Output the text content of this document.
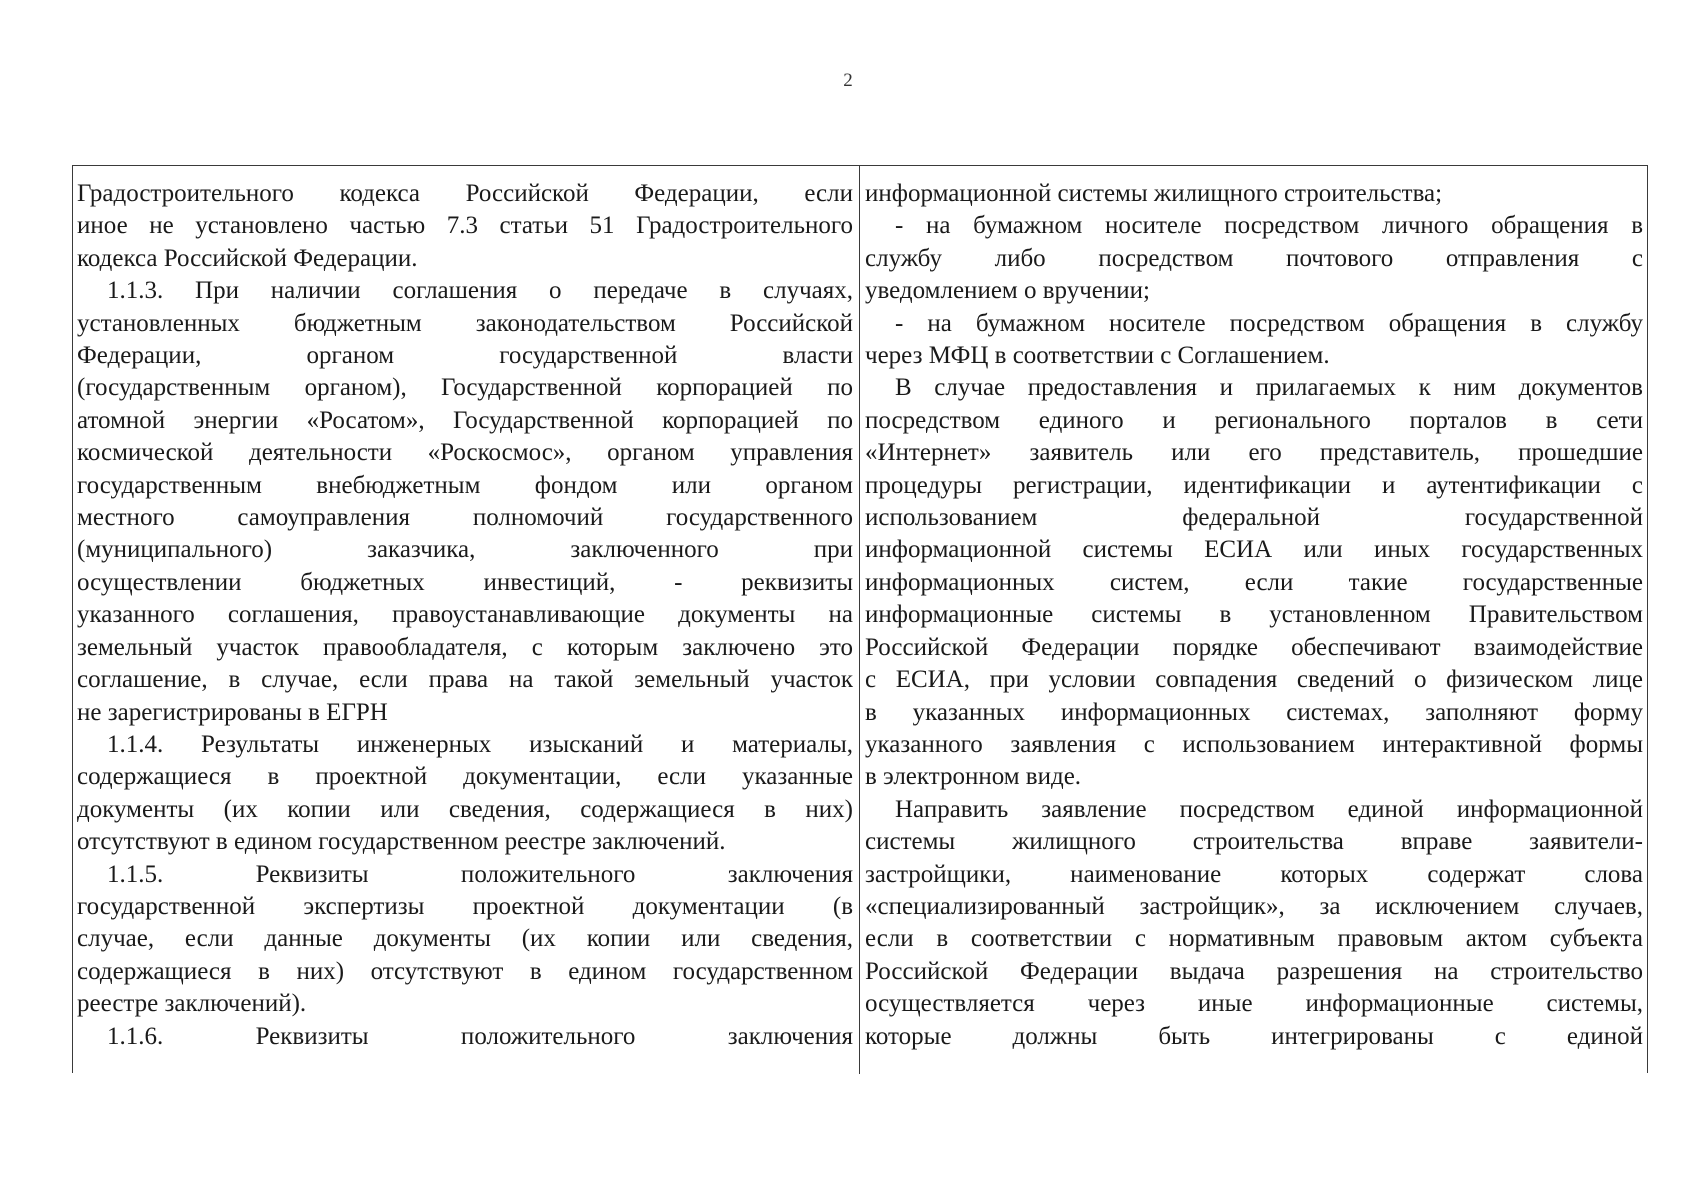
2

Градостроительного кодекса Российской Федерации, если

иное не установлено частью 7.3 статьи 51 Градостроительного

кодекса Российской Федерации.

1.1.3. При наличии соглашения о передаче в случаях,

установленных бюджетным законодательством Российской

Федерации, органом государственной власти

(государственным органом), Государственной корпорацией по

атомной энергии «Росатом», Государственной корпорацией по

космической деятельности «Роскосмос», органом управления

государственным внебюджетным фондом или органом

местного самоуправления полномочий государственного

(муниципального) заказчика, заключенного при

осуществлении бюджетных инвестиций, - реквизиты

указанного соглашения, правоустанавливающие документы на

земельный участок правообладателя, с которым заключено это

соглашение, в случае, если права на такой земельный участок

не зарегистрированы в ЕГРН

1.1.4. Результаты инженерных изысканий и материалы,

содержащиеся в проектной документации, если указанные

документы (их копии или сведения, содержащиеся в них)

отсутствуют в едином государственном реестре заключений.

1.1.5. Реквизиты положительного заключения

государственной экспертизы проектной документации (в

случае, если данные документы (их копии или сведения,

содержащиеся в них) отсутствуют в едином государственном

реестре заключений).

1.1.6. Реквизиты положительного заключения

информационной системы жилищного строительства;

- на бумажном носителе посредством личного обращения в

службу либо посредством почтового отправления с

уведомлением о вручении;

- на бумажном носителе посредством обращения в службу

через МФЦ в соответствии с Соглашением.

В случае предоставления и прилагаемых к ним документов

посредством единого и регионального порталов в сети

«Интернет» заявитель или его представитель, прошедшие

процедуры регистрации, идентификации и аутентификации с

использованием федеральной государственной

информационной системы ЕСИА или иных государственных

информационных систем, если такие государственные

информационные системы в установленном Правительством

Российской Федерации порядке обеспечивают взаимодействие

с ЕСИА, при условии совпадения сведений о физическом лице

в указанных информационных системах, заполняют форму

указанного заявления с использованием интерактивной формы

в электронном виде.

Направить заявление посредством единой информационной

системы жилищного строительства вправе заявители-

застройщики, наименование которых содержат слова

«специализированный застройщик», за исключением случаев,

если в соответствии с нормативным правовым актом субъекта

Российской Федерации выдача разрешения на строительство

осуществляется через иные информационные системы,

которые должны быть интегрированы с единой
